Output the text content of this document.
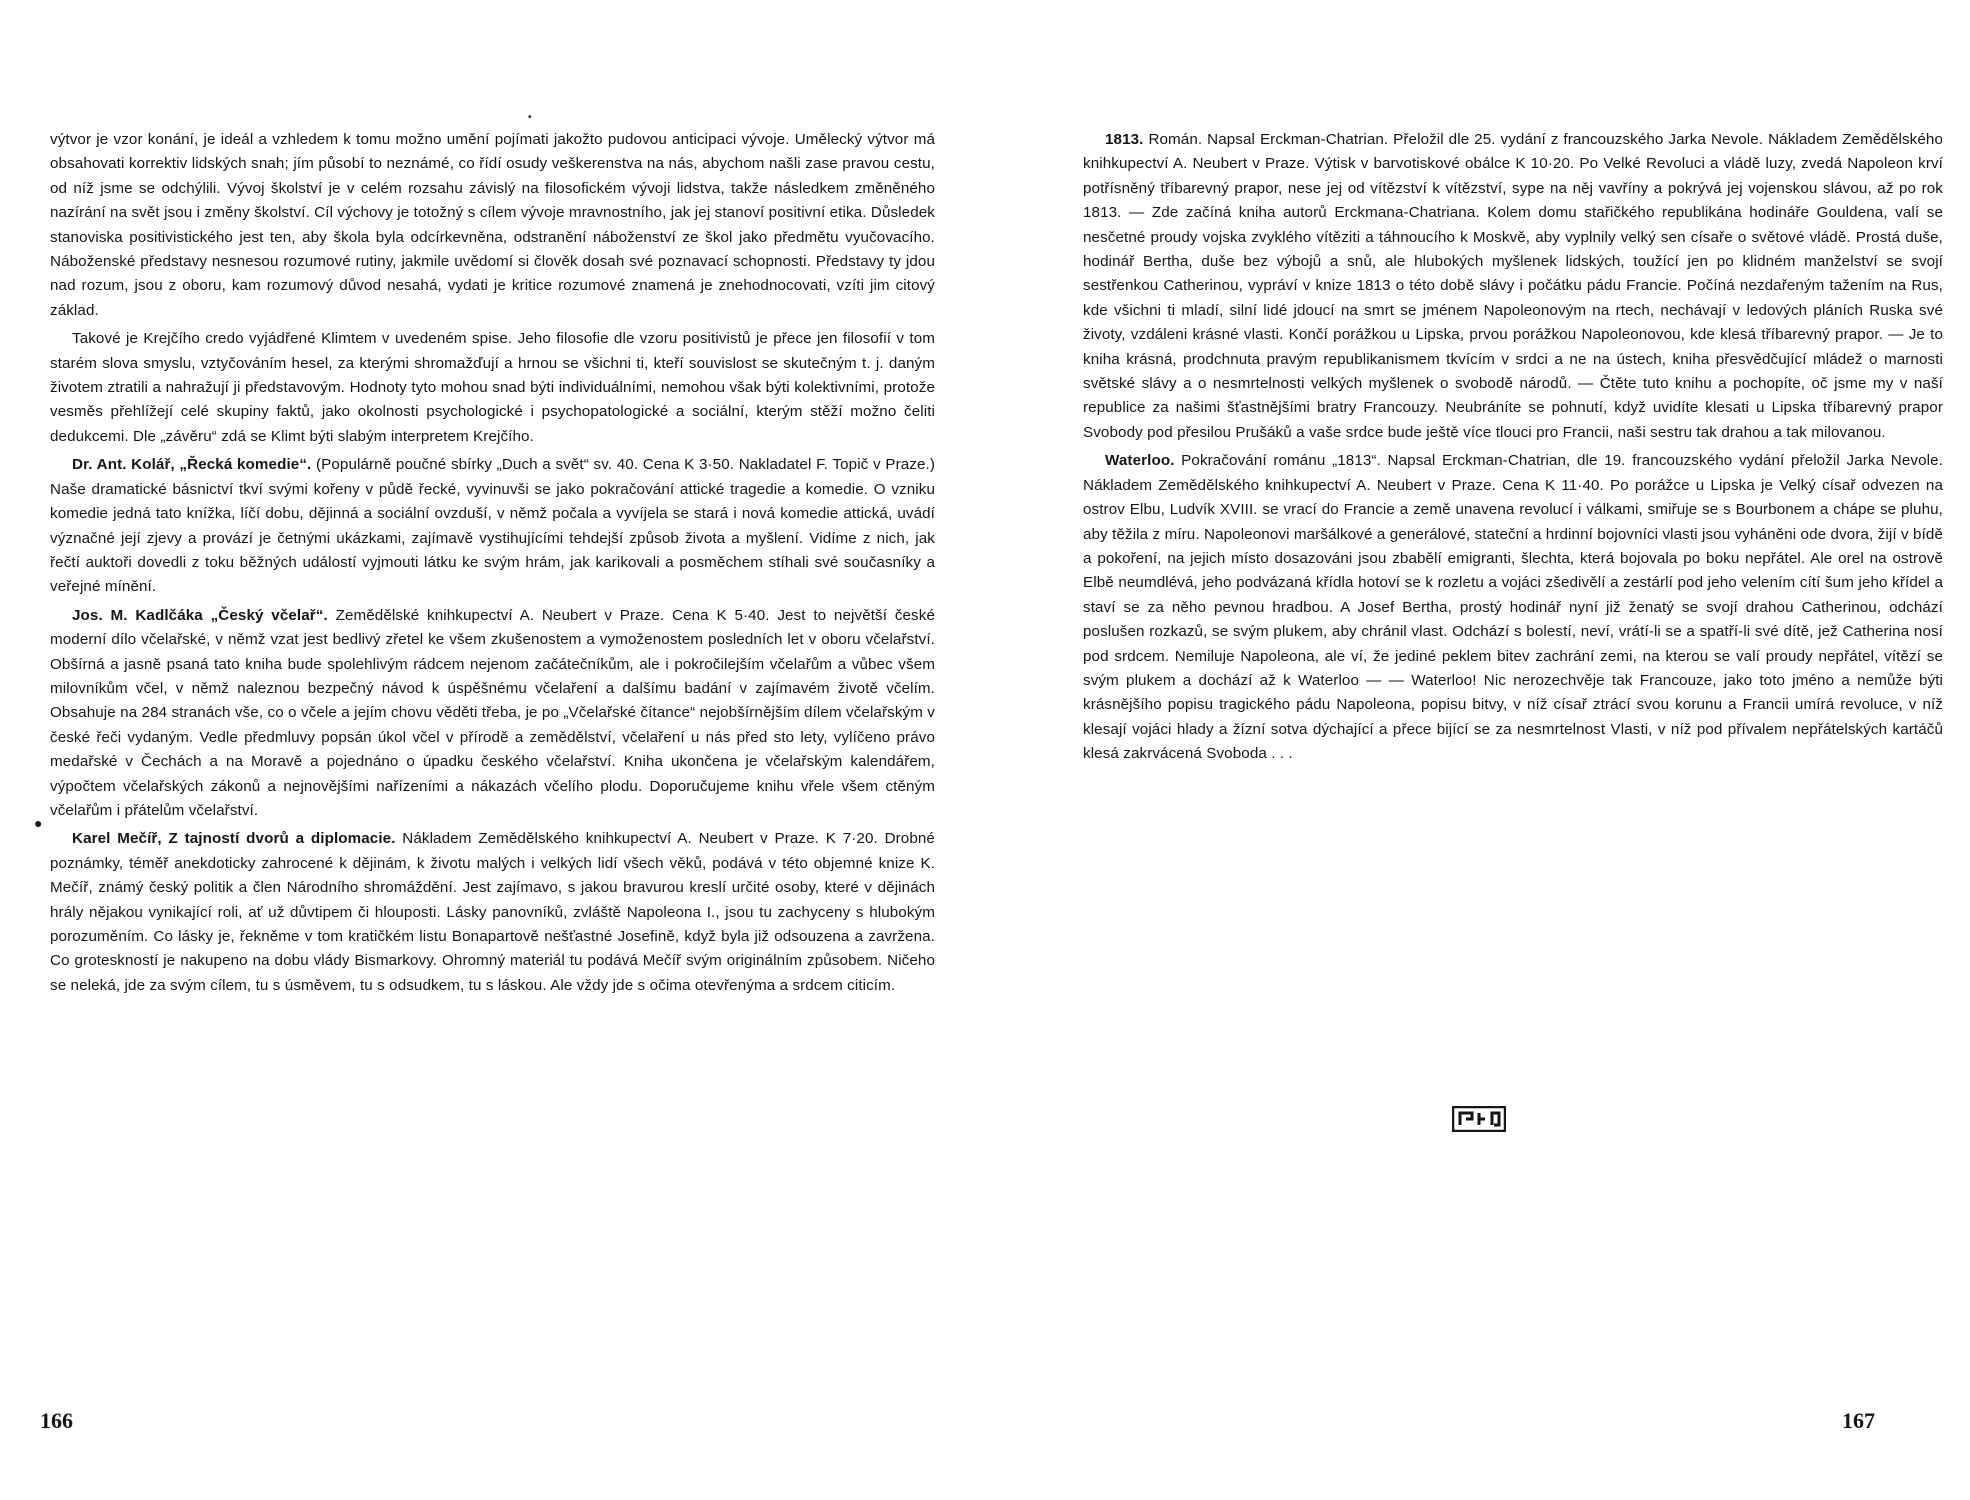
•

výtvor je vzor konání, je ideál a vzhledem k tomu možno umění pojímati jakožto pudovou anticipaci vývoje. Umělecký výtvor má obsahovati korrektiv lidských snah; jím působí to neznámé, co řídí osudy veškerenstva na nás, abychom našli zase pravou cestu, od níž jsme se odchýlili. Vývoj školství je v celém rozsahu závislý na filosofickém vývoji lidstva, takže následkem změněného nazírání na svět jsou i změny školství. Cíl výchovy je totožný s cílem vývoje mravnostního, jak jej stanoví positivní etika. Důsledek stanoviska positivistického jest ten, aby škola byla odcírkevněna, odstranění náboženství ze škol jako předmětu vyučovacího. Náboženské představy nesnesou rozumové rutiny, jakmile uvědomí si člověk dosah své poznavací schopnosti. Představy ty jdou nad rozum, jsou z oboru, kam rozumový důvod nesahá, vydati je kritice rozumové znamená je znehodnocovati, vzíti jim citový základ.

Takové je Krejčího credo vyjádřené Klimtem v uvedeném spise. Jeho filosofie dle vzoru positivistů je přece jen filosofií v tom starém slova smyslu, vztyčováním hesel, za kterými shromažďují a hrnou se všichni ti, kteří souvislost se skutečným t. j. daným životem ztratili a nahražují ji představovým. Hodnoty tyto mohou snad býti individuálními, nemohou však býti kolektivními, protože vesměs přehlížejí celé skupiny faktů, jako okolnosti psychologické i psychopatologické a sociální, kterým stěží možno čeliti dedukcemi. Dle „závěru“ zdá se Klimt býti slabým interpretem Krejčího.

Dr. Ant. Kolář, „Řecká komedie“. (Populárně poučné sbírky „Duch a svět“ sv. 40. Cena K 3·50. Nakladatel F. Topič v Praze.) Naše dramatické básnictví tkví svými kořeny v půdě řecké, vyvinuvši se jako pokračování attické tragedie a komedie. O vzniku komedie jedná tato knížka, líčí dobu, dějinná a sociální ovzduší, v němž počala a vyvíjela se stará i nová komedie attická, uvádí význačné její zjevy a provází je četnými ukázkami, zajímavě vystihujícími tehdejší způsob života a myšlení. Vidíme z nich, jak řečtí auktoři dovedli z toku běžných událostí vyjmouti látku ke svým hrám, jak karikovali a posměchem stíhali své současníky a veřejné mínění.

Jos. M. Kadlčáka „Český včelař“. Zemědělské knihkupectví A. Neubert v Praze. Cena K 5·40. Jest to největší české moderní dílo včelařské, v němž vzat jest bedlivý zřetel ke všem zkušenostem a vymoženostem posledních let v oboru včelařství. Obšírná a jasně psaná tato kniha bude spolehlivým rádcem nejenom začátečníkům, ale i pokročilejším včelařům a vůbec všem milovníkům včel, v němž naleznou bezpečný návod k úspěšnému včelaření a dalšímu badání v zajímavém životě včelím. Obsahuje na 284 stranách vše, co o včele a jejím chovu věděti třeba, je po „Včelařské čítance“ nejobšírnějším dílem včelařským v české řeči vydaným. Vedle předmluvy popsán úkol včel v přírodě a zemědělství, včelaření u nás před sto lety, vylíčeno právo medařské v Čechách a na Moravě a pojednáno o úpadku českého včelařství. Kniha ukončena je včelařským kalendářem, výpočtem včelařských zákonů a nejnovějšími nařízeními a nákazách včelího plodu. Doporučujeme knihu vřele všem ctěným včelařům i přátelům včelařství.

Karel Mečíř, Z tajností dvorů a diplomacie. Nákladem Zemědělského knihkupectví A. Neubert v Praze. K 7·20. Drobné poznámky, téměř anekdoticky zahrocené k dějinám, k životu malých i velkých lidí všech věků, podává v této objemné knize K. Mečíř, známý český politik a člen Národního shromáždění. Jest zajímavo, s jakou bravurou kreslí určité osoby, které v dějinách hrály nějakou vynikající roli, ať už důvtipem či hlouposti. Lásky panovníků, zvláště Napoleona I., jsou tu zachyceny s hlubokým porozuměním. Co lásky je, řekněme v tom kratičkém listu Bonapartově nešťastné Josefině, když byla již odsouzena a zavržena. Co groteskností je nakupeno na dobu vlády Bismarkovy. Ohromný materiál tu podává Mečíř svým originálním způsobem. Ničeho se neleká, jde za svým cílem, tu s úsměvem, tu s odsudkem, tu s láskou. Ale vždy jde s očima otevřenýma a srdcem citicím.

●
166

1813. Román. Napsal Erckman-Chatrian. Přeložil dle 25. vydání z francouzského Jarka Nevole. Nákladem Zemědělského knihkupectví A. Neubert v Praze. Výtisk v barvotiskové obálce K 10·20. Po Velké Revoluci a vládě luzy, zvedá Napoleon krví potřísněný tříbarevný prapor, nese jej od vítězství k vítězství, sype na něj vavříny a pokrývá jej vojenskou slávou, až po rok 1813. — Zde začíná kniha autorů Erckmana-Chatriana. Kolem domu stařičkého republikána hodináře Gouldena, valí se nesčetné proudy vojska zvyklého vítěziti a táhnoucího k Moskvě, aby vyplnily velký sen císaře o světové vládě. Prostá duše, hodinář Bertha, duše bez výbojů a snů, ale hlubokých myšlenek lidských, toužící jen po klidném manželství se svojí sestřenkou Catherinou, vypráví v knize 1813 o této době slávy i počátku pádu Francie. Počíná nezdařeným tažením na Rus, kde všichni ti mladí, silní lidé jdoucí na smrt se jménem Napoleonovým na rtech, nechávají v ledových pláních Ruska své životy, vzdáleni krásné vlasti. Končí porážkou u Lipska, prvou porážkou Napoleonovou, kde klesá tříbarevný prapor. — Je to kniha krásná, prodchnuta pravým republikanismem tkvícím v srdci a ne na ústech, kniha přesvědčující mládež o marnosti světské slávy a o nesmrtelnosti velkých myšlenek o svobodě národů. — Čtěte tuto knihu a pochopíte, oč jsme my v naší republice za našimi šťastnějšími bratry Francouzy. Neubráníte se pohnutí, když uvidíte klesati u Lipska tříbarevný prapor Svobody pod přesilou Prušáků a vaše srdce bude ještě více tlouci pro Francii, naši sestru tak drahou a tak milovanou.

Waterloo. Pokračování románu „1813“. Napsal Erckman-Chatrian, dle 19. francouzského vydání přeložil Jarka Nevole. Nákladem Zemědělského knihkupectví A. Neubert v Praze. Cena K 11·40. Po porážce u Lipska je Velký císař odvezen na ostrov Elbu, Ludvík XVIII. se vrací do Francie a země unavena revolucí i válkami, smiřuje se s Bourbonem a chápe se pluhu, aby těžila z míru. Napoleonovi maršálkové a generálové, stateční a hrdinní bojovníci vlasti jsou vyháněni ode dvora, žijí v bídě a pokoření, na jejich místo dosazováni jsou zbabělí emigranti, šlechta, která bojovala po boku nepřátel. Ale orel na ostrově Elbě neumdlévá, jeho podvázaná křídla hotoví se k rozletu a vojáci zšedivělí a zestárlí pod jeho velením cítí šum jeho křídel a staví se za něho pevnou hradbou. A Josef Bertha, prostý hodinář nyní již ženatý se svojí drahou Catherinou, odchází poslušen rozkazů, se svým plukem, aby chránil vlast. Odchází s bolestí, neví, vrátí-li se a spatří-li své dítě, jež Catherina nosí pod srdcem. Nemiluje Napoleona, ale ví, že jediné peklem bitev zachrání zemi, na kterou se valí proudy nepřátel, vítězí se svým plukem a dochází až k Waterloo — — Waterloo! Nic nerozechvěje tak Francouze, jako toto jméno a nemůže býti krásnějšího popisu tragického pádu Napoleona, popisu bitvy, v níž císař ztrácí svou korunu a Francii umírá revoluce, v níž klesají vojáci hlady a žízní sotva dýchající a přece bijící se za nesmrtelnost Vlasti, v níž pod přívalem nepřátelských kartáčů klesá zakrvácená Svoboda . . .

167
